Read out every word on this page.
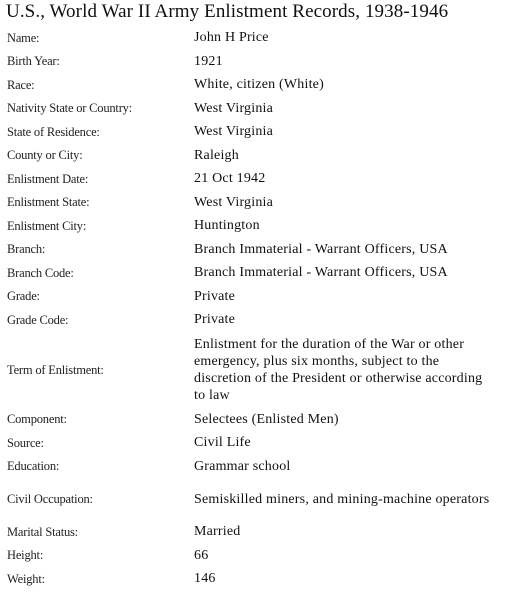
U.S., World War II Army Enlistment Records, 1938-1946
Name:	John H Price
Birth Year:	1921
Race:	White, citizen (White)
Nativity State or Country:	West Virginia
State of Residence:	West Virginia
County or City:	Raleigh
Enlistment Date:	21 Oct 1942
Enlistment State:	West Virginia
Enlistment City:	Huntington
Branch:	Branch Immaterial - Warrant Officers, USA
Branch Code:	Branch Immaterial - Warrant Officers, USA
Grade:	Private
Grade Code:	Private
Term of Enlistment:
Enlistment for the duration of the War or other emergency, plus six months, subject to the discretion of the President or otherwise according to law
Component:	Selectees (Enlisted Men)
Source:	Civil Life
Education:	Grammar school
Civil Occupation:	Semiskilled miners, and mining-machine operators
Marital Status:	Married
Height:	66
Weight:	146
